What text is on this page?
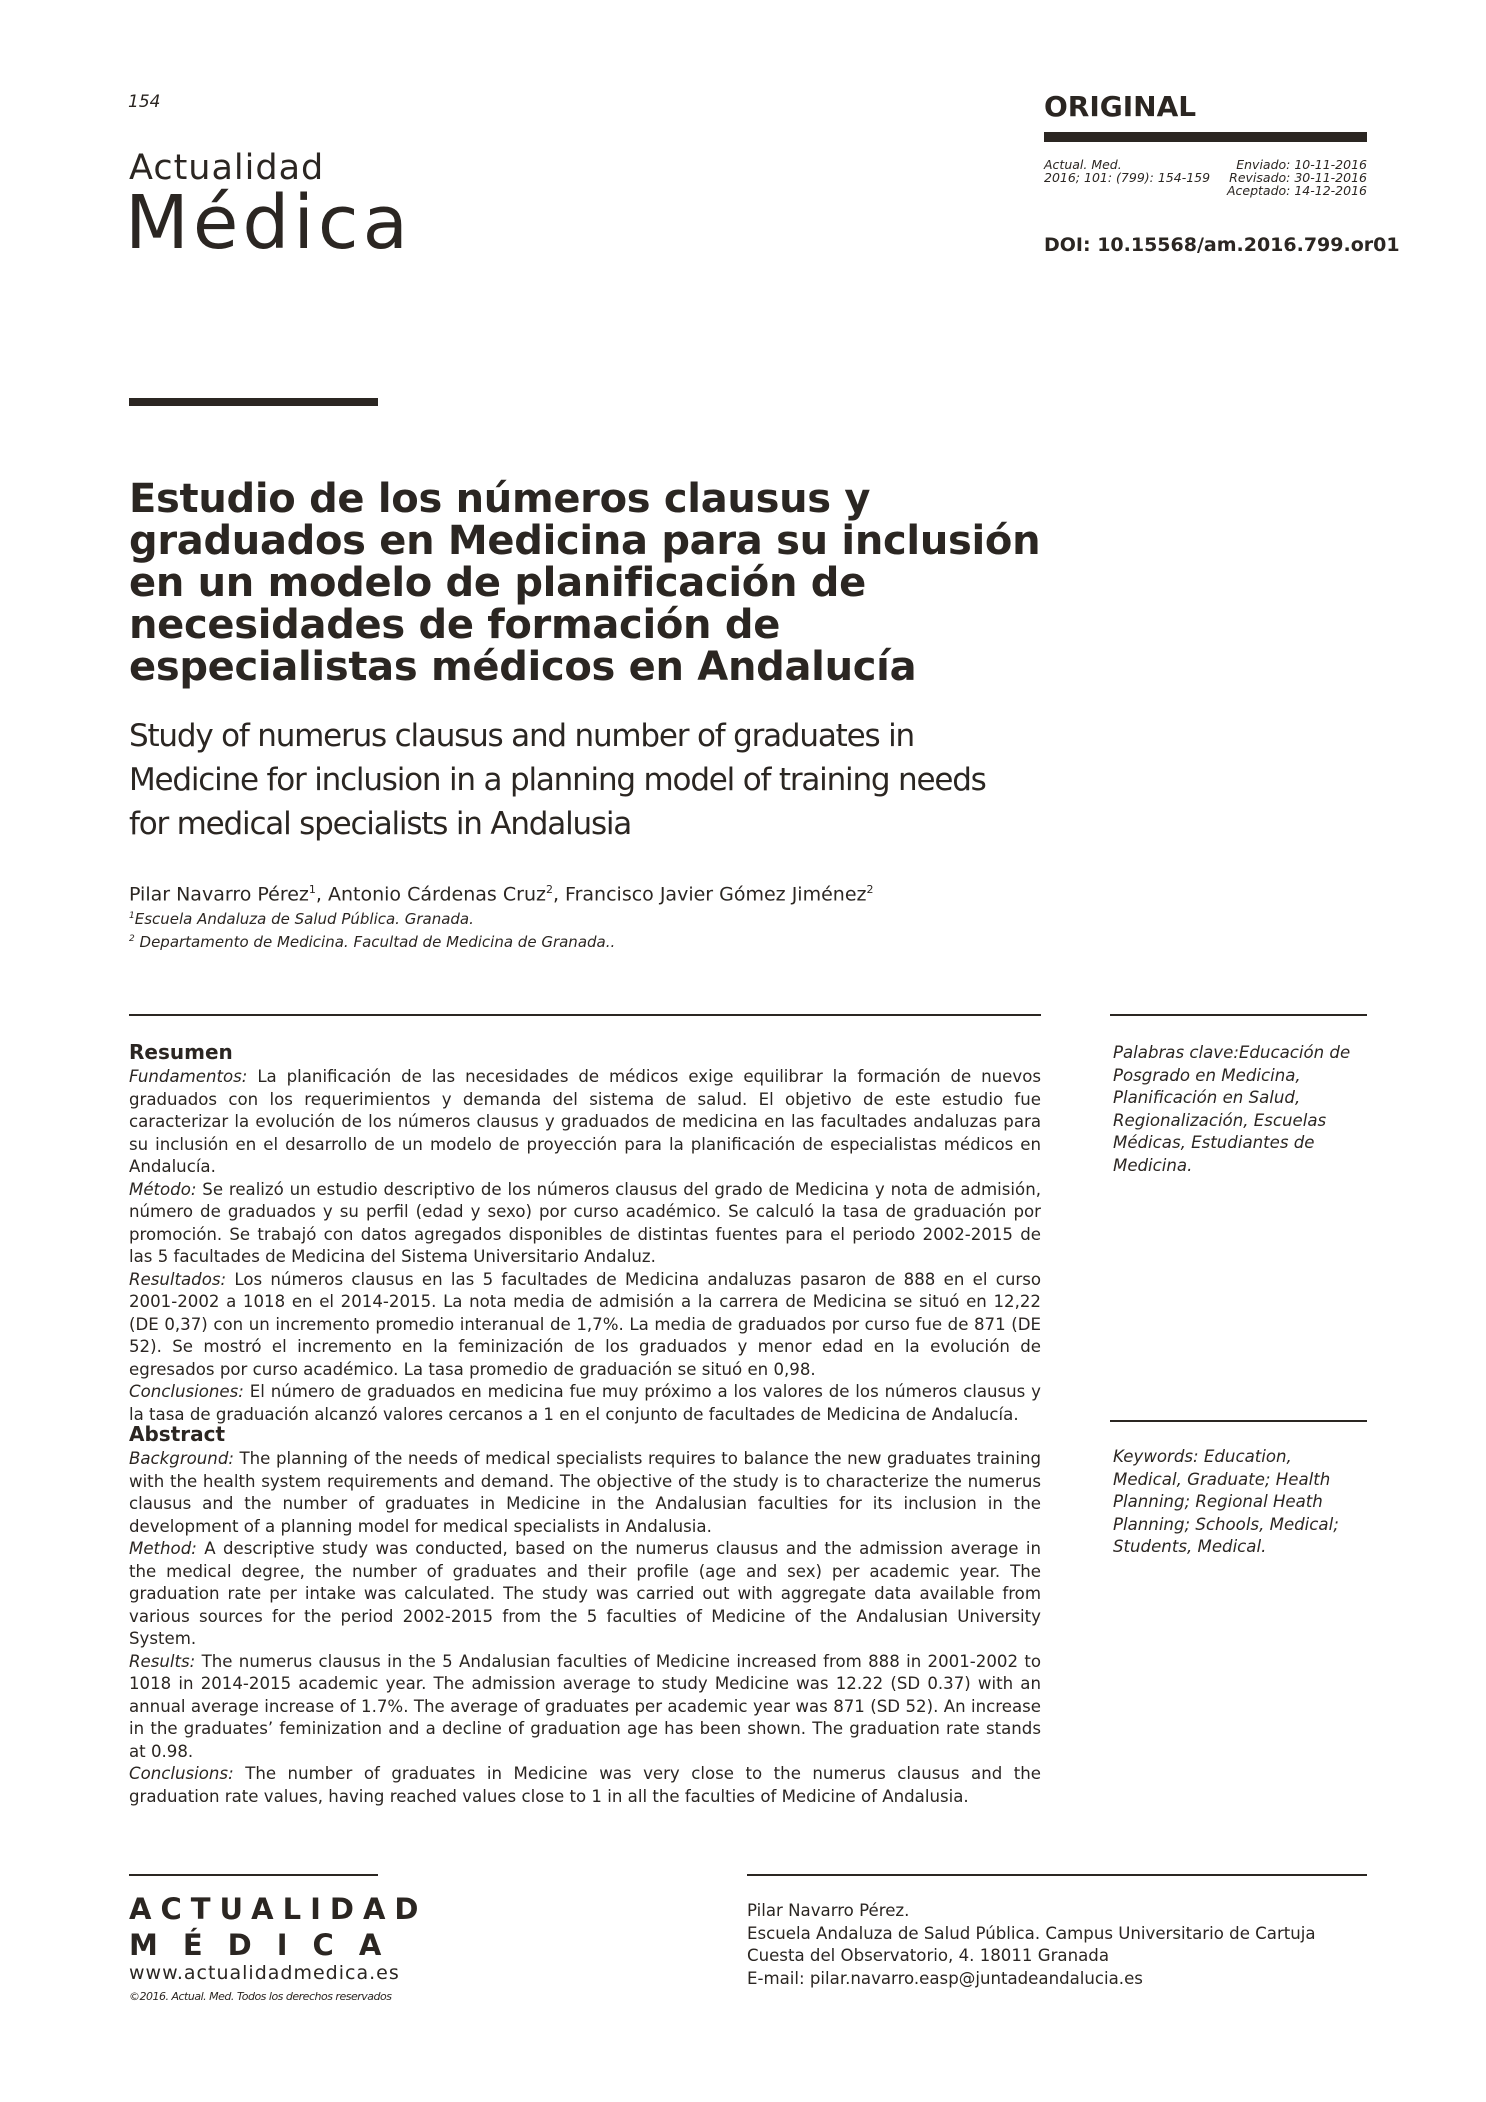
154
Actualidad
Médica
ORIGINAL
Actual. Med.
2016; 101: (799): 154-159
Enviado: 10-11-2016
Revisado: 30-11-2016
Aceptado: 14-12-2016
DOI: 10.15568/am.2016.799.or01
Estudio de los números clausus y graduados en Medicina para su inclusión en un modelo de planificación de necesidades de formación de especialistas médicos en Andalucía
Study of numerus clausus and number of graduates in Medicine for inclusion in a planning model of training needs for medical specialists in Andalusia
Pilar Navarro Pérez$^1$, Antonio Cárdenas Cruz$^2$, Francisco Javier Gómez Jiménez$^2$
$^1$Escuela Andaluza de Salud Pública. Granada.
$^2$ Departamento de Medicina. Facultad de Medicina de Granada..
Resumen
Fundamentos: La planificación de las necesidades de médicos exige equilibrar la formación de nuevos graduados con los requerimientos y demanda del sistema de salud. El objetivo de este estudio fue caracterizar la evolución de los números clausus y graduados de medicina en las facultades andaluzas para su inclusión en el desarrollo de un modelo de proyección para la planificación de especialistas médicos en Andalucía.
Método: Se realizó un estudio descriptivo de los números clausus del grado de Medicina y nota de admisión, número de graduados y su perfil (edad y sexo) por curso académico. Se calculó la tasa de graduación por promoción. Se trabajó con datos agregados disponibles de distintas fuentes para el periodo 2002-2015 de las 5 facultades de Medicina del Sistema Universitario Andaluz.
Resultados: Los números clausus en las 5 facultades de Medicina andaluzas pasaron de 888 en el curso 2001-2002 a 1018 en el 2014-2015. La nota media de admisión a la carrera de Medicina se situó en 12,22 (DE 0,37) con un incremento promedio interanual de 1,7%. La media de graduados por curso fue de 871 (DE 52). Se mostró el incremento en la feminización de los graduados y menor edad en la evolución de egresados por curso académico. La tasa promedio de graduación se situó en 0,98.
Conclusiones: El número de graduados en medicina fue muy próximo a los valores de los números clausus y la tasa de graduación alcanzó valores cercanos a 1 en el conjunto de facultades de Medicina de Andalucía.
Palabras clave:Educación de Posgrado en Medicina, Planificación en Salud, Regionalización, Escuelas Médicas, Estudiantes de Medicina.
Abstract
Background: The planning of the needs of medical specialists requires to balance the new graduates training with the health system requirements and demand. The objective of the study is to characterize the numerus clausus and the number of graduates in Medicine in the Andalusian faculties for its inclusion in the development of a planning model for medical specialists in Andalusia.
Method: A descriptive study was conducted, based on the numerus clausus and the admission average in the medical degree, the number of graduates and their profile (age and sex) per academic year. The graduation rate per intake was calculated. The study was carried out with aggregate data available from various sources for the period 2002-2015 from the 5 faculties of Medicine of the Andalusian University System.
Results: The numerus clausus in the 5 Andalusian faculties of Medicine increased from 888 in 2001-2002 to 1018 in 2014-2015 academic year. The admission average to study Medicine was 12.22 (SD 0.37) with an annual average increase of 1.7%. The average of graduates per academic year was 871 (SD 52). An increase in the graduates’ feminization and a decline of graduation age has been shown. The graduation rate stands at 0.98.
Conclusions: The number of graduates in Medicine was very close to the numerus clausus and the graduation rate values, having reached values close to 1 in all the faculties of Medicine of Andalusia.
Keywords: Education, Medical, Graduate; Health Planning; Regional Heath Planning; Schools, Medical; Students, Medical.
ACTUALIDAD
MÉDICA
www.actualidadmedica.es
©2016. Actual. Med. Todos los derechos reservados
Pilar Navarro Pérez.
Escuela Andaluza de Salud Pública. Campus Universitario de Cartuja
Cuesta del Observatorio, 4. 18011 Granada
E-mail: pilar.navarro.easp@juntadeandalucia.es
